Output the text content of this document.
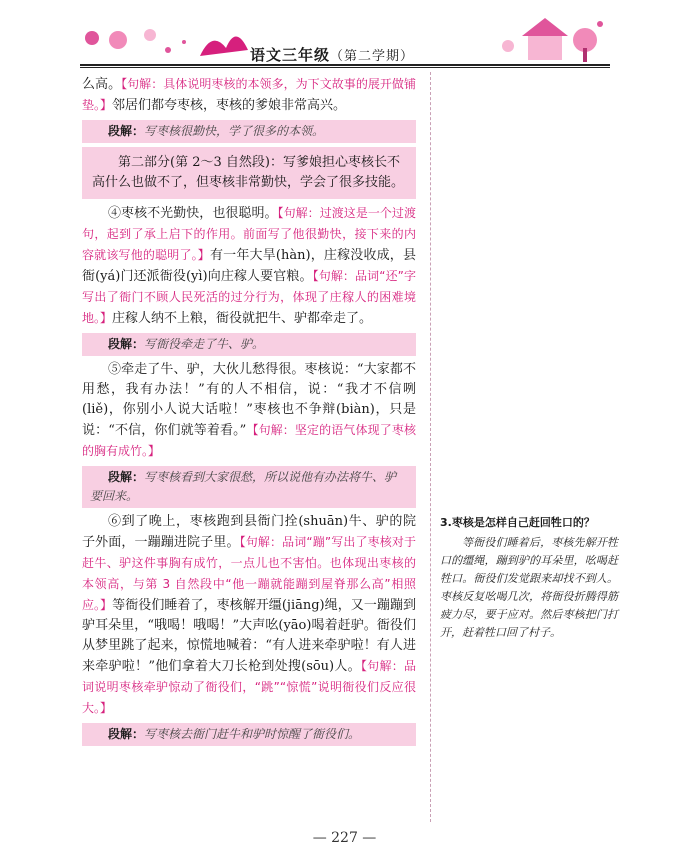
语文三年级（第二学期）

么高。【句解：具体说明枣核的本领多，为下文故事的展开做铺垫。】邻居们都夸枣核，枣核的爹娘非常高兴。

段解：写枣核很勤快，学了很多的本领。
第二部分(第 2～3 自然段)：写爹娘担心枣核长不高什么也做不了，但枣核非常勤快，学会了很多技能。

④枣核不光勤快，也很聪明。【句解：过渡这是一个过渡句，起到了承上启下的作用。前面写了他很勤快，接下来的内容就该写他的聪明了。】有一年大旱(hàn)，庄稼没收成，县衙(yá)门还派衙役(yì)向庄稼人要官粮。【句解：品词“还”字写出了衙门不顾人民死活的过分行为，体现了庄稼人的困难境地。】庄稼人纳不上粮，衙役就把牛、驴都牵走了。

段解：写衙役牵走了牛、驴。

⑤牵走了牛、驴，大伙儿愁得很。枣核说：“大家都不用愁，我有办法！”有的人不相信，说：“我才不信咧(liě)，你别小人说大话啦！”枣核也不争辩(biàn)，只是说：“不信，你们就等着看。”【句解：坚定的语气体现了枣核的胸有成竹。】

段解：写枣核看到大家很愁，所以说他有办法将牛、驴要回来。

⑥到了晚上，枣核跑到县衙门拴(shuān)牛、驴的院子外面，一蹦蹦进院子里。【句解：品词“蹦”写出了枣核对于赶牛、驴这件事胸有成竹，一点儿也不害怕。也体现出枣核的本领高，与第 3 自然段中“他一蹦就能蹦到屋脊那么高”相照应。】等衙役们睡着了，枣核解开缰(jiāng)绳，又一蹦蹦到驴耳朵里，“哦喝！哦喝！”大声吆(yāo)喝着赶驴。衙役们从梦里跳了起来，惊慌地喊着：“有人进来牵驴啦！有人进来牵驴啦！”他们拿着大刀长枪到处搜(sōu)人。【句解：品词说明枣核牵驴惊动了衙役们，“跳”“惊慌”说明衙役们反应很大。】

段解：写枣核去衙门赶牛和驴时惊醒了衙役们。

3.枣核是怎样自己赶回牲口的？

等衙役们睡着后，枣核先解开牲口的缰绳，蹦到驴的耳朵里，吆喝赶牲口。衙役们发觉跟来却找不到人。枣核反复吆喝几次，将衙役折腾得筋疲力尽，要于应对。然后枣核把门打开，赶着牲口回了村子。

— 227 —
